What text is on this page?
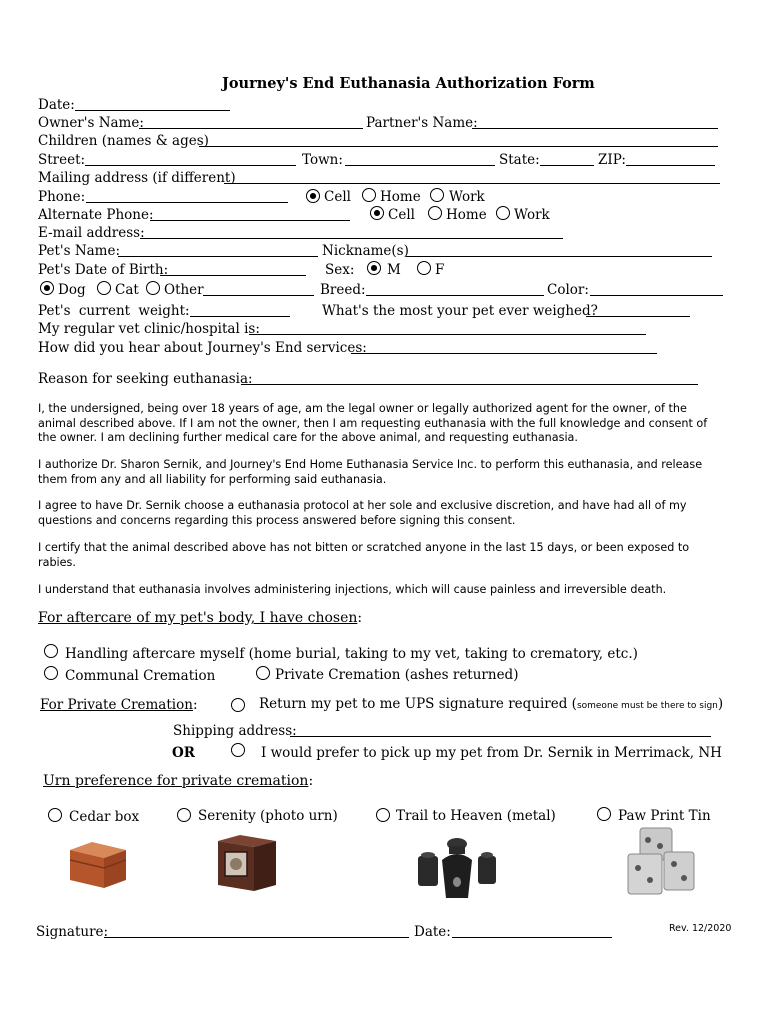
Journey's End Euthanasia Authorization Form
Date:
Owner's Name:	Partner's Name:
Children (names & ages)
Street:	Town:	State:	ZIP:
Mailing address (if different)
Phone:	Cell Home Work
Alternate Phone:	Cell Home Work
E-mail address:
Pet's Name:	Nickname(s)
Pet's Date of Birth:	Sex: M	F
Dog Cat Other	Breed:	Color:
Pet's current weight:	What's the most your pet ever weighed?
My regular vet clinic/hospital is:
How did you hear about Journey's End services:
Reason for seeking euthanasia:
I, the undersigned, being over 18 years of age, am the legal owner or legally authorized agent for the owner, of the animal described above. If I am not the owner, then I am requesting euthanasia with the full knowledge and consent of the owner. I am declining further medical care for the above animal, and requesting euthanasia.
I authorize Dr. Sharon Sernik, and Journey's End Home Euthanasia Service Inc. to perform this euthanasia, and release them from any and all liability for performing said euthanasia.
I agree to have Dr. Sernik choose a euthanasia protocol at her sole and exclusive discretion, and have had all of my questions and concerns regarding this process answered before signing this consent.
I certify that the animal described above has not bitten or scratched anyone in the last 15 days, or been exposed to rabies.
I understand that euthanasia involves administering injections, which will cause painless and irreversible death.
For aftercare of my pet's body, I have chosen:
Handling aftercare myself (home burial, taking to my vet, taking to crematory, etc.)
Communal Cremation	Private Cremation (ashes returned)
For Private Cremation:	Return my pet to me UPS signature required (someone must be there to sign)
Shipping address:
OR	I would prefer to pick up my pet from Dr. Sernik in Merrimack, NH
Urn preference for private cremation:
Cedar box	Serenity (photo urn)	Trail to Heaven (metal)	Paw Print Tin
Signature:	Date:	Rev. 12/2020
